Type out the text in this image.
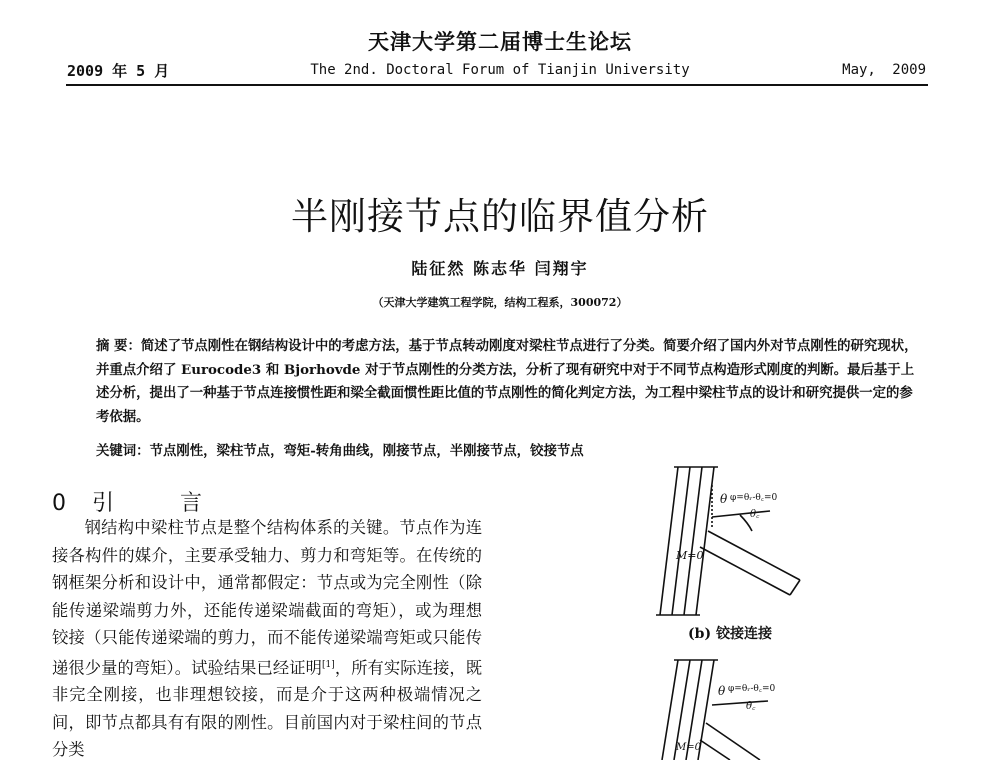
天津大学第二届博士生论坛
2009 年 5 月	The 2nd. Doctoral Forum of Tianjin University	May, 2009
半刚接节点的临界值分析
陆征然 陈志华 闫翔宇
（天津大学建筑工程学院，结构工程系，300072）

摘 要：简述了节点刚性在钢结构设计中的考虑方法，基于节点转动刚度对梁柱节点进行了分类。简要介绍了国内外对节点刚性的研究现状，并重点介绍了 Eurocode3 和 Bjorhovde 对于节点刚性的分类方法，分析了现有研究中对于不同节点构造形式刚度的判断。最后基于上述分析，提出了一种基于节点连接惯性距和梁全截面惯性距比值的节点刚性的简化判定方法，为工程中梁柱节点的设计和研究提供一定的参考依据。

关键词：节点刚性，梁柱节点，弯矩-转角曲线，刚接节点，半刚接节点，铰接节点

0 引	言

钢结构中梁柱节点是整个结构体系的关键。节点作为连接各构件的媒介，主要承受轴力、剪力和弯矩等。在传统的钢框架分析和设计中，通常都假定：节点或为完全刚性（除能传递梁端剪力外，还能传递梁端截面的弯矩），或为理想铰接（只能传递梁端的剪力，而不能传递梁端弯矩或只能传递很少量的弯矩）。试验结果已经证明[1]，所有实际连接，既非完全刚接，也非理想铰接，而是介于这两种极端情况之间，即节点都具有有限的刚性。目前国内对于梁柱间的节点分类

θ φ=θᵣ-θ꜀=0
θ꜀
M=0
θ φ=θᵣ-θ꜀=0
θ꜀
M=0
(b) 铰接连接
